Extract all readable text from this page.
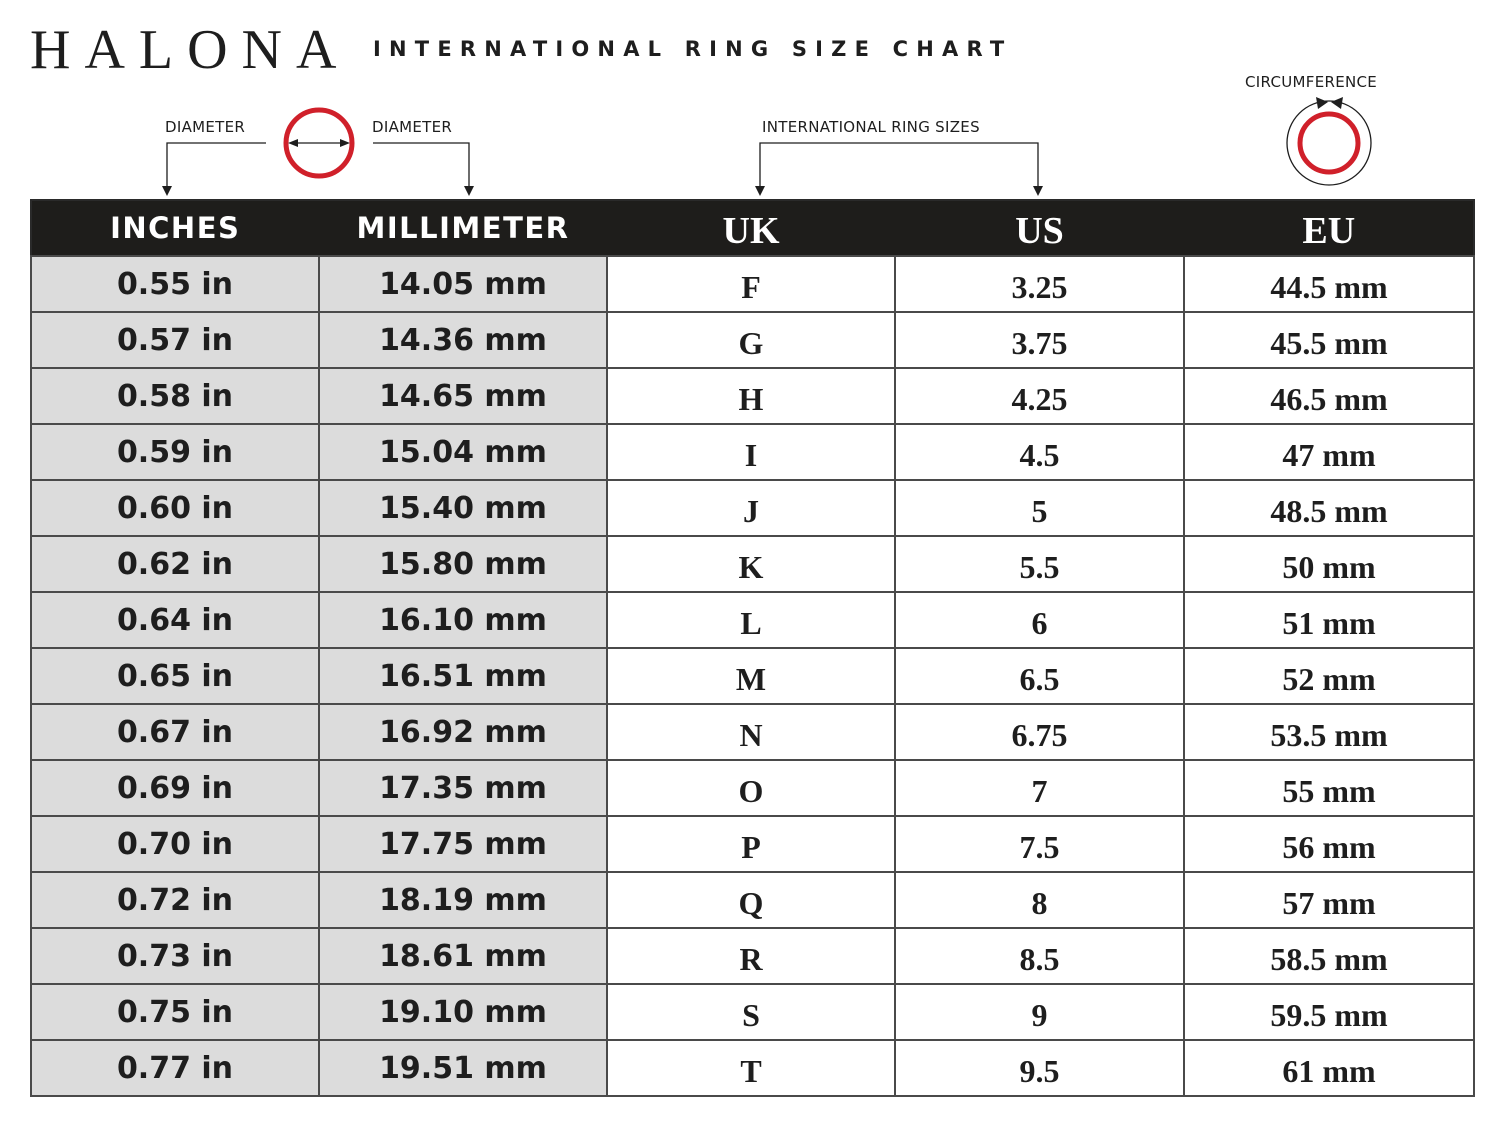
HALONA INTERNATIONAL RING SIZE CHART
DIAMETER	DIAMETER	INTERNATIONAL RING SIZES
CIRCUMFERENCE
INCHES	MILLIMETER	UK	US	EU
0.55 in	14.05 mm	F	3.25	44.5 mm
0.57 in	14.36 mm	G	3.75	45.5 mm
0.58 in	14.65 mm	H	4.25	46.5 mm
0.59 in	15.04 mm	I	4.5	47 mm
0.60 in	15.40 mm	J	5	48.5 mm
0.62 in	15.80 mm	K	5.5	50 mm
0.64 in	16.10 mm	L	6	51 mm
0.65 in	16.51 mm	M	6.5	52 mm
0.67 in	16.92 mm	N	6.75	53.5 mm
0.69 in	17.35 mm	O	7	55 mm
0.70 in	17.75 mm	P	7.5	56 mm
0.72 in	18.19 mm	Q	8	57 mm
0.73 in	18.61 mm	R	8.5	58.5 mm
0.75 in	19.10 mm	S	9	59.5 mm
0.77 in	19.51 mm	T	9.5	61 mm
